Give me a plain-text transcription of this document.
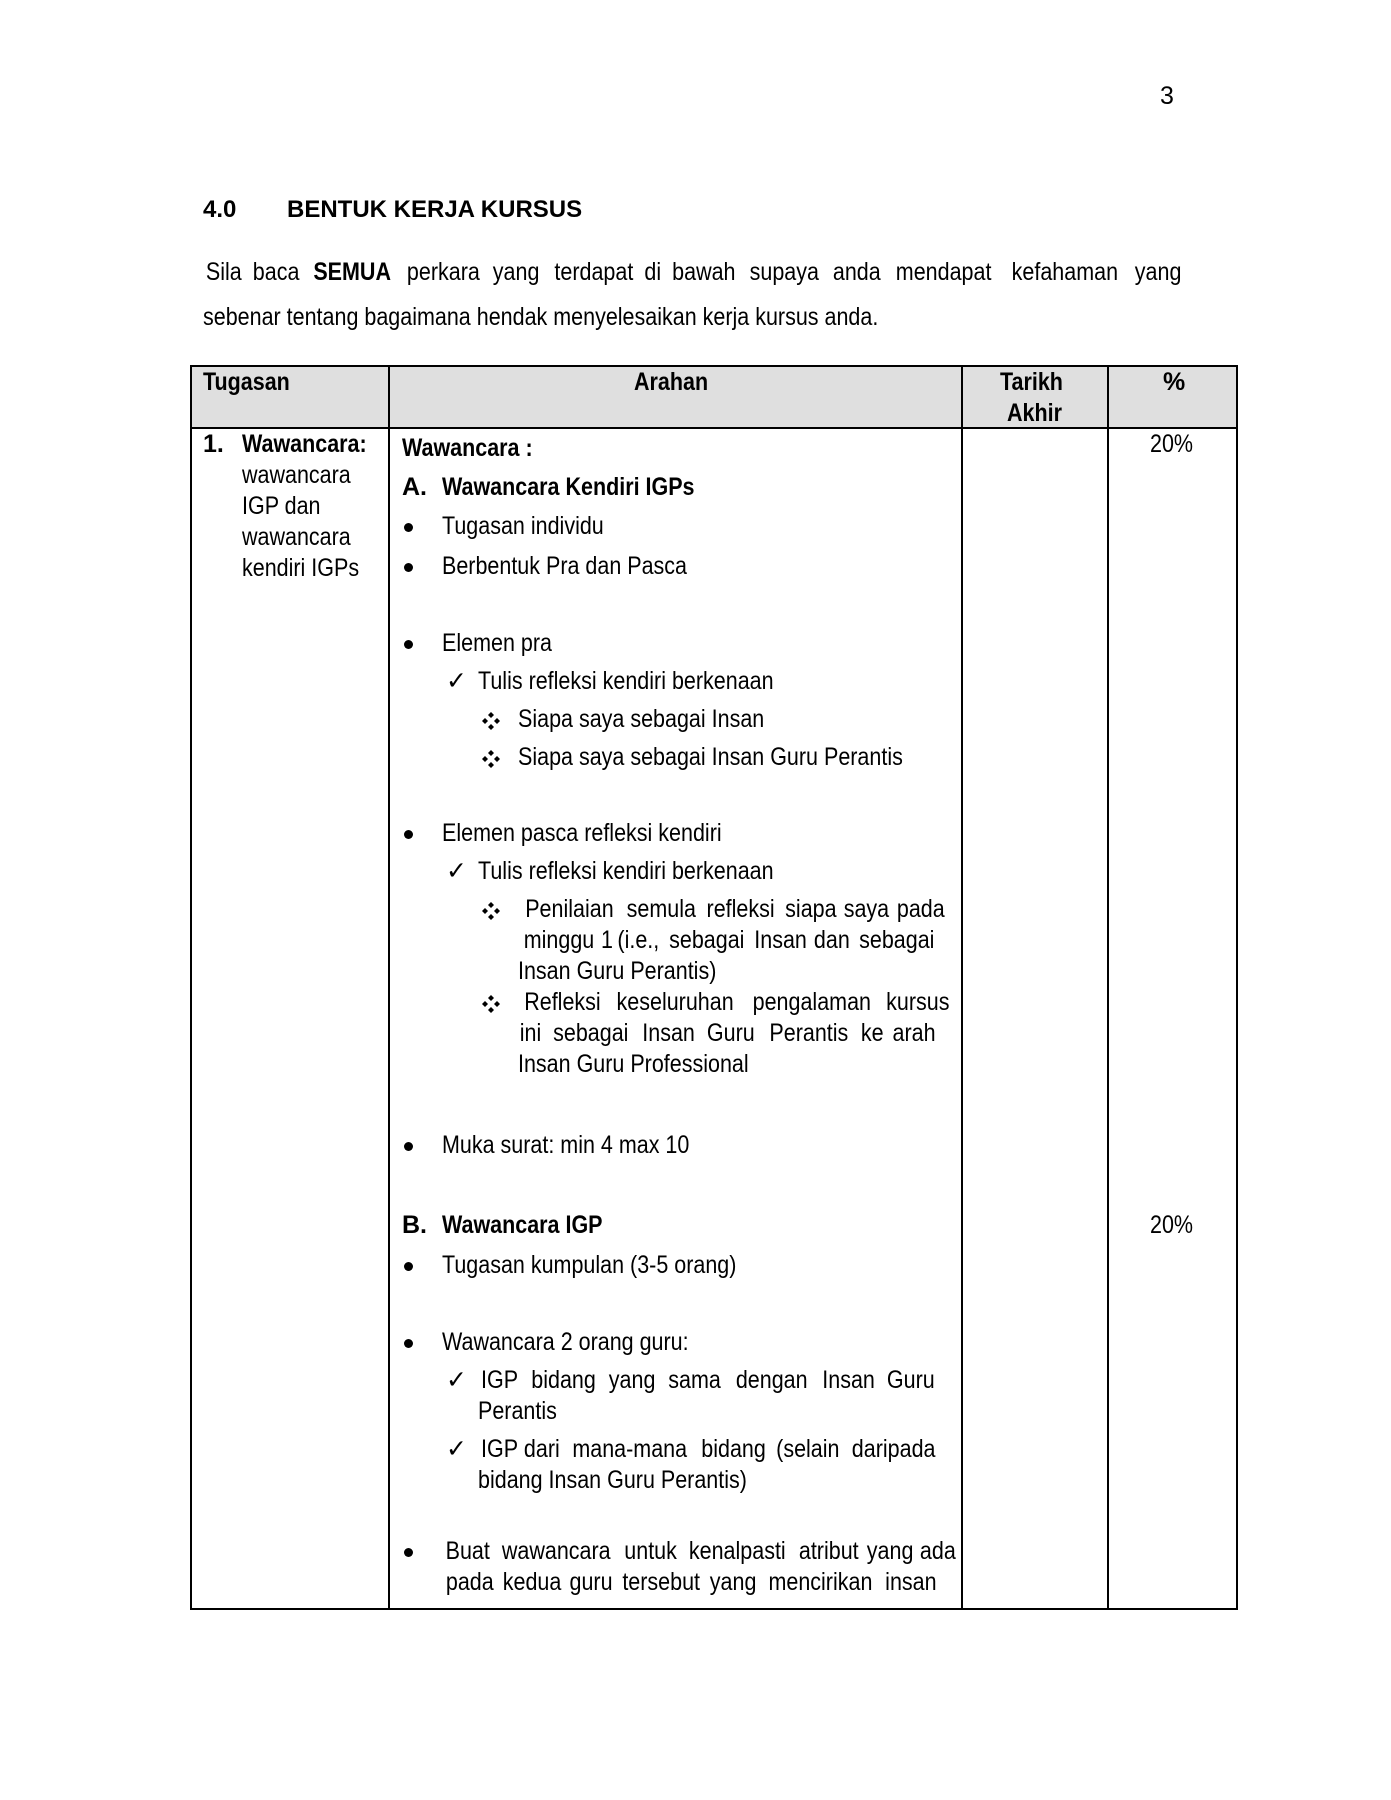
3
4.0 BENTUK KERJA KURSUS
Sila baca SEMUA perkara yang terdapat di bawah supaya anda mendapat kefahaman yang
sebenar tentang bagaimana hendak menyelesaikan kerja kursus anda.
Tugasan	Arahan	Tarikh
Akhir
%
1. Wawancara:
wawancara
IGP dan
wawancara
kendiri IGPs
20%
20%
Wawancara :
A. Wawancara Kendiri IGPs
Tugasan individu
Berbentuk Pra dan Pasca
Elemen pra
✓ Tulis refleksi kendiri berkenaan
Siapa saya sebagai Insan
Siapa saya sebagai Insan Guru Perantis
Elemen pasca refleksi kendiri
✓ Tulis refleksi kendiri berkenaan
Penilaian semula refleksi siapa saya pada
minggu 1 (i.e., sebagai Insan dan sebagai
Insan Guru Perantis)
Refleksi keseluruhan pengalaman kursus
ini sebagai Insan Guru Perantis ke arah
Insan Guru Professional
Muka surat: min 4 max 10
B. Wawancara IGP
Tugasan kumpulan (3-5 orang)
Wawancara 2 orang guru:
✓ IGP bidang yang sama dengan Insan Guru
Perantis
✓ IGP dari mana-mana bidang (selain daripada
bidang Insan Guru Perantis)
Buat wawancara untuk kenalpasti atribut yang ada
pada kedua guru tersebut yang mencirikan insan
